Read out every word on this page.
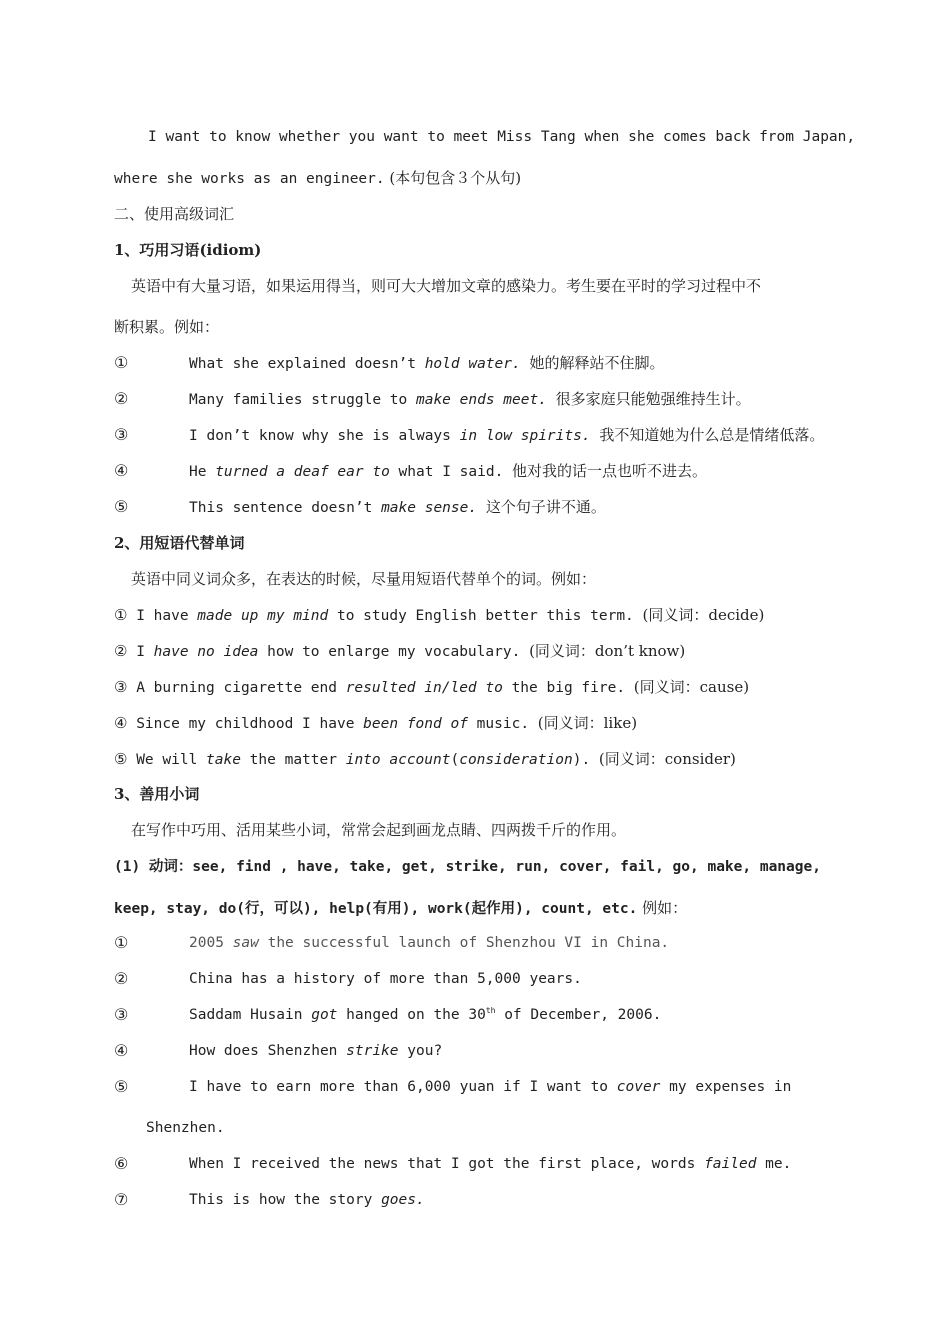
I want to know whether you want to meet Miss Tang when she comes back from Japan,
where she works as an engineer. (本句包含３个从句)
二、使用高级词汇
1、巧用习语(idiom)
英语中有大量习语，如果运用得当，则可大大增加文章的感染力。考生要在平时的学习过程中不
断积累。例如：
①	What she explained doesn’t hold water. 她的解释站不住脚。
②	Many families struggle to make ends meet. 很多家庭只能勉强维持生计。
③	I don’t know why she is always in low spirits. 我不知道她为什么总是情绪低落。
④	He turned a deaf ear to what I said. 他对我的话一点也听不进去。
⑤	This sentence doesn’t make sense. 这个句子讲不通。
2、用短语代替单词
英语中同义词众多，在表达的时候，尽量用短语代替单个的词。例如：
① I have made up my mind to study English better this term. (同义词：decide)
② I have no idea how to enlarge my vocabulary. (同义词：don’t know)
③ A burning cigarette end resulted in/led to the big fire. (同义词：cause)
④ Since my childhood I have been fond of music. (同义词：like)
⑤ We will take the matter into account(consideration). (同义词：consider)
3、善用小词
在写作中巧用、活用某些小词，常常会起到画龙点睛、四两拨千斤的作用。
(1) 动词：see, find , have, take, get, strike, run, cover, fail, go, make, manage,
keep, stay, do(行，可以), help(有用), work(起作用), count, etc. 例如：
①	2005 saw the successful launch of Shenzhou VI in China.
②	China has a history of more than 5,000 years.
③	Saddam Husain got hanged on the 30th of December, 2006.
④	How does Shenzhen strike you?
⑤	I have to earn more than 6,000 yuan if I want to cover my expenses in
Shenzhen.
⑥	When I received the news that I got the first place, words failed me.
⑦	This is how the story goes.
